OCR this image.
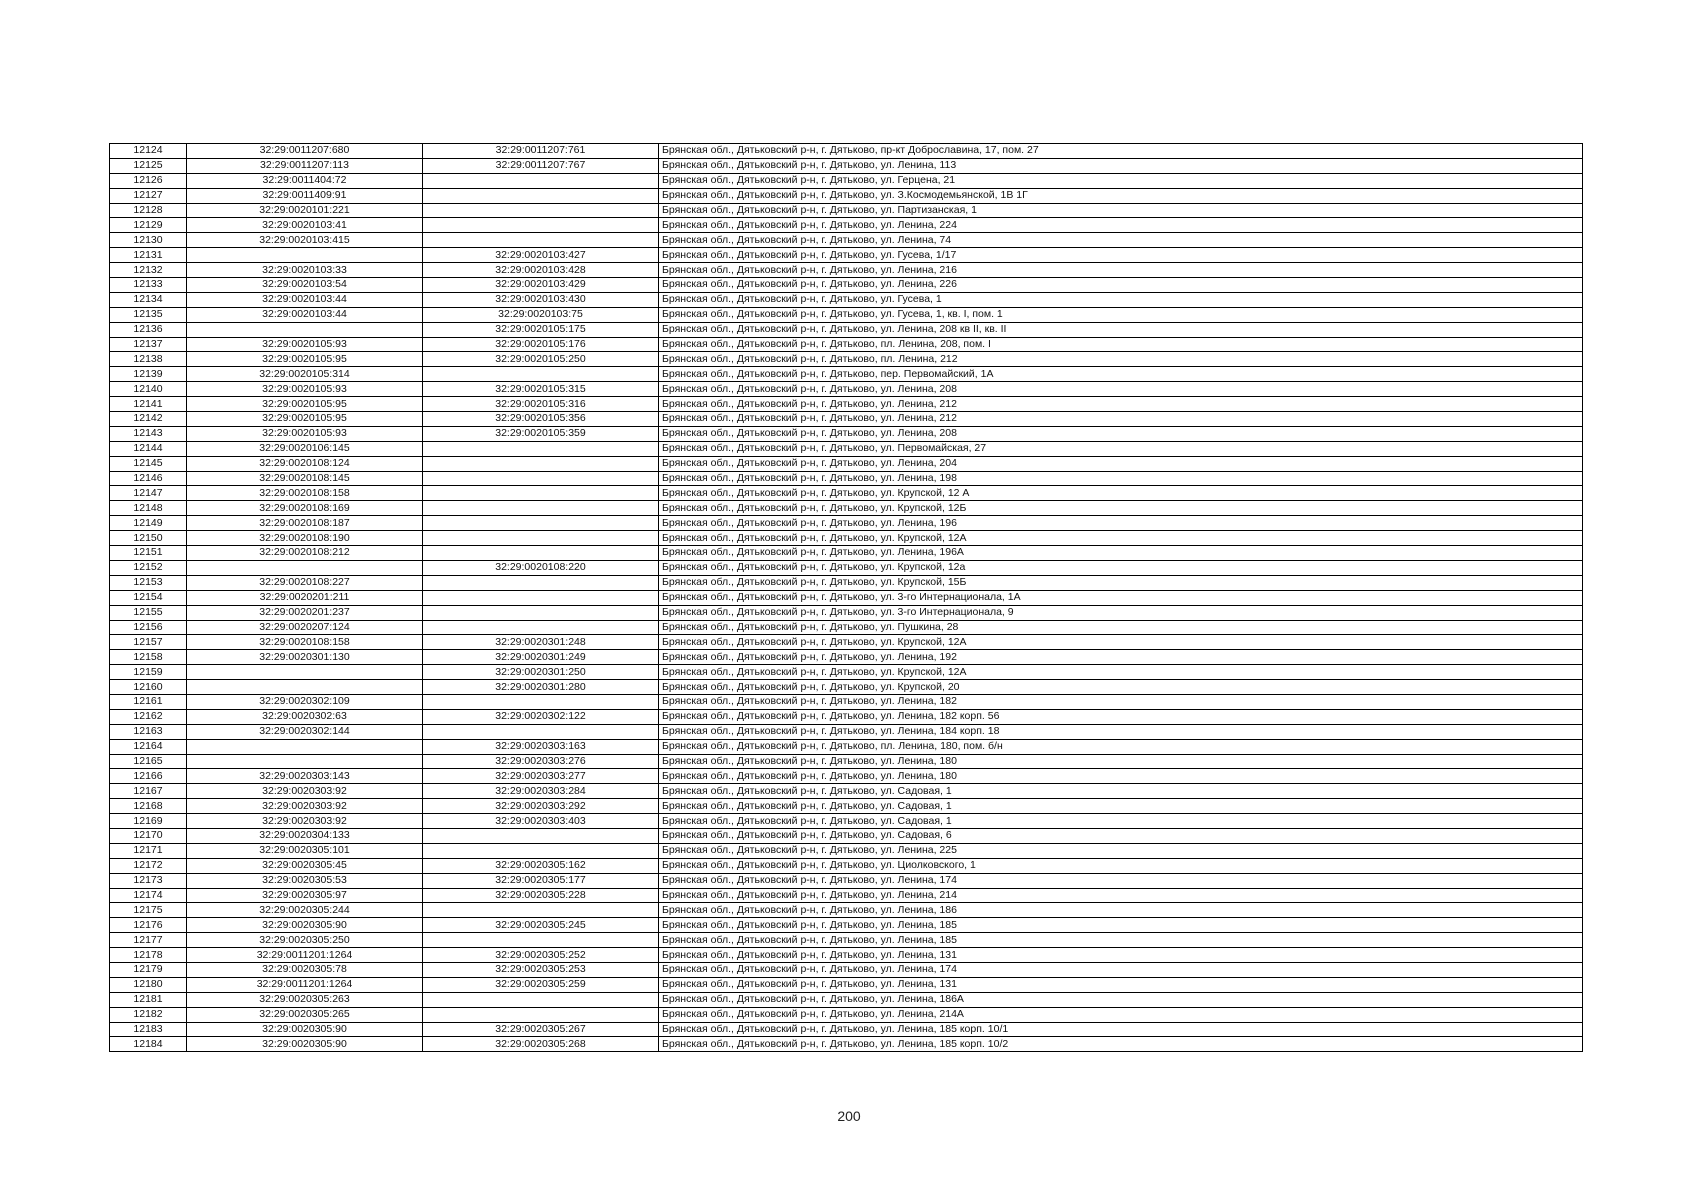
12124	32:29:0011207:680	32:29:0011207:761	Брянская обл., Дятьковский р-н, г. Дятьково, пр-кт Доброславина, 17, пом. 27
12125	32:29:0011207:113	32:29:0011207:767	Брянская обл., Дятьковский р-н, г. Дятьково, ул. Ленина, 113
12126	32:29:0011404:72		Брянская обл., Дятьковский р-н, г. Дятьково, ул. Герцена, 21
12127	32:29:0011409:91		Брянская обл., Дятьковский р-н, г. Дятьково, ул. З.Космодемьянской, 1В 1Г
12128	32:29:0020101:221		Брянская обл., Дятьковский р-н, г. Дятьково, ул. Партизанская, 1
12129	32:29:0020103:41		Брянская обл., Дятьковский р-н, г. Дятьково, ул. Ленина, 224
12130	32:29:0020103:415		Брянская обл., Дятьковский р-н, г. Дятьково, ул. Ленина, 74
12131		32:29:0020103:427	Брянская обл., Дятьковский р-н, г. Дятьково, ул. Гусева, 1/17
12132	32:29:0020103:33	32:29:0020103:428	Брянская обл., Дятьковский р-н, г. Дятьково, ул. Ленина, 216
12133	32:29:0020103:54	32:29:0020103:429	Брянская обл., Дятьковский р-н, г. Дятьково, ул. Ленина, 226
12134	32:29:0020103:44	32:29:0020103:430	Брянская обл., Дятьковский р-н, г. Дятьково, ул. Гусева, 1
12135	32:29:0020103:44	32:29:0020103:75	Брянская обл., Дятьковский р-н, г. Дятьково, ул. Гусева, 1, кв. I, пом. 1
12136		32:29:0020105:175	Брянская обл., Дятьковский р-н, г. Дятьково, ул. Ленина, 208 кв II, кв. II
12137	32:29:0020105:93	32:29:0020105:176	Брянская обл., Дятьковский р-н, г. Дятьково, пл. Ленина, 208, пом. I
12138	32:29:0020105:95	32:29:0020105:250	Брянская обл., Дятьковский р-н, г. Дятьково, пл. Ленина, 212
12139	32:29:0020105:314		Брянская обл., Дятьковский р-н, г. Дятьково, пер. Первомайский, 1А
12140	32:29:0020105:93	32:29:0020105:315	Брянская обл., Дятьковский р-н, г. Дятьково, ул. Ленина, 208
12141	32:29:0020105:95	32:29:0020105:316	Брянская обл., Дятьковский р-н, г. Дятьково, ул. Ленина, 212
12142	32:29:0020105:95	32:29:0020105:356	Брянская обл., Дятьковский р-н, г. Дятьково, ул. Ленина, 212
12143	32:29:0020105:93	32:29:0020105:359	Брянская обл., Дятьковский р-н, г. Дятьково, ул. Ленина, 208
12144	32:29:0020106:145		Брянская обл., Дятьковский р-н, г. Дятьково, ул. Первомайская, 27
12145	32:29:0020108:124		Брянская обл., Дятьковский р-н, г. Дятьково, ул. Ленина, 204
12146	32:29:0020108:145		Брянская обл., Дятьковский р-н, г. Дятьково, ул. Ленина, 198
12147	32:29:0020108:158		Брянская обл., Дятьковский р-н, г. Дятьково, ул. Крупской, 12 А
12148	32:29:0020108:169		Брянская обл., Дятьковский р-н, г. Дятьково, ул. Крупской, 12Б
12149	32:29:0020108:187		Брянская обл., Дятьковский р-н, г. Дятьково, ул. Ленина, 196
12150	32:29:0020108:190		Брянская обл., Дятьковский р-н, г. Дятьково, ул. Крупской, 12А
12151	32:29:0020108:212		Брянская обл., Дятьковский р-н, г. Дятьково, ул. Ленина, 196А
12152		32:29:0020108:220	Брянская обл., Дятьковский р-н, г. Дятьково, ул. Крупской, 12а
12153	32:29:0020108:227		Брянская обл., Дятьковский р-н, г. Дятьково, ул. Крупской, 15Б
12154	32:29:0020201:211		Брянская обл., Дятьковский р-н, г. Дятьково, ул. 3-го Интернационала, 1А
12155	32:29:0020201:237		Брянская обл., Дятьковский р-н, г. Дятьково, ул. 3-го Интернационала, 9
12156	32:29:0020207:124		Брянская обл., Дятьковский р-н, г. Дятьково, ул. Пушкина, 28
12157	32:29:0020108:158	32:29:0020301:248	Брянская обл., Дятьковский р-н, г. Дятьково, ул. Крупской, 12А
12158	32:29:0020301:130	32:29:0020301:249	Брянская обл., Дятьковский р-н, г. Дятьково, ул. Ленина, 192
12159		32:29:0020301:250	Брянская обл., Дятьковский р-н, г. Дятьково, ул. Крупской, 12А
12160		32:29:0020301:280	Брянская обл., Дятьковский р-н, г. Дятьково, ул. Крупской, 20
12161	32:29:0020302:109		Брянская обл., Дятьковский р-н, г. Дятьково, ул. Ленина, 182
12162	32:29:0020302:63	32:29:0020302:122	Брянская обл., Дятьковский р-н, г. Дятьково, ул. Ленина, 182 корп. 56
12163	32:29:0020302:144		Брянская обл., Дятьковский р-н, г. Дятьково, ул. Ленина, 184 корп. 18
12164		32:29:0020303:163	Брянская обл., Дятьковский р-н, г. Дятьково, пл. Ленина, 180, пом. б/н
12165		32:29:0020303:276	Брянская обл., Дятьковский р-н, г. Дятьково, ул. Ленина, 180
12166	32:29:0020303:143	32:29:0020303:277	Брянская обл., Дятьковский р-н, г. Дятьково, ул. Ленина, 180
12167	32:29:0020303:92	32:29:0020303:284	Брянская обл., Дятьковский р-н, г. Дятьково, ул. Садовая, 1
12168	32:29:0020303:92	32:29:0020303:292	Брянская обл., Дятьковский р-н, г. Дятьково, ул. Садовая, 1
12169	32:29:0020303:92	32:29:0020303:403	Брянская обл., Дятьковский р-н, г. Дятьково, ул. Садовая, 1
12170	32:29:0020304:133		Брянская обл., Дятьковский р-н, г. Дятьково, ул. Садовая, 6
12171	32:29:0020305:101		Брянская обл., Дятьковский р-н, г. Дятьково, ул. Ленина, 225
12172	32:29:0020305:45	32:29:0020305:162	Брянская обл., Дятьковский р-н, г. Дятьково, ул. Циолковского, 1
12173	32:29:0020305:53	32:29:0020305:177	Брянская обл., Дятьковский р-н, г. Дятьково, ул. Ленина, 174
12174	32:29:0020305:97	32:29:0020305:228	Брянская обл., Дятьковский р-н, г. Дятьково, ул. Ленина, 214
12175	32:29:0020305:244		Брянская обл., Дятьковский р-н, г. Дятьково, ул. Ленина, 186
12176	32:29:0020305:90	32:29:0020305:245	Брянская обл., Дятьковский р-н, г. Дятьково, ул. Ленина, 185
12177	32:29:0020305:250		Брянская обл., Дятьковский р-н, г. Дятьково, ул. Ленина, 185
12178	32:29:0011201:1264	32:29:0020305:252	Брянская обл., Дятьковский р-н, г. Дятьково, ул. Ленина, 131
12179	32:29:0020305:78	32:29:0020305:253	Брянская обл., Дятьковский р-н, г. Дятьково, ул. Ленина, 174
12180	32:29:0011201:1264	32:29:0020305:259	Брянская обл., Дятьковский р-н, г. Дятьково, ул. Ленина, 131
12181	32:29:0020305:263		Брянская обл., Дятьковский р-н, г. Дятьково, ул. Ленина, 186А
12182	32:29:0020305:265		Брянская обл., Дятьковский р-н, г. Дятьково, ул. Ленина, 214А
12183	32:29:0020305:90	32:29:0020305:267	Брянская обл., Дятьковский р-н, г. Дятьково, ул. Ленина, 185 корп. 10/1
12184	32:29:0020305:90	32:29:0020305:268	Брянская обл., Дятьковский р-н, г. Дятьково, ул. Ленина, 185 корп. 10/2
200
